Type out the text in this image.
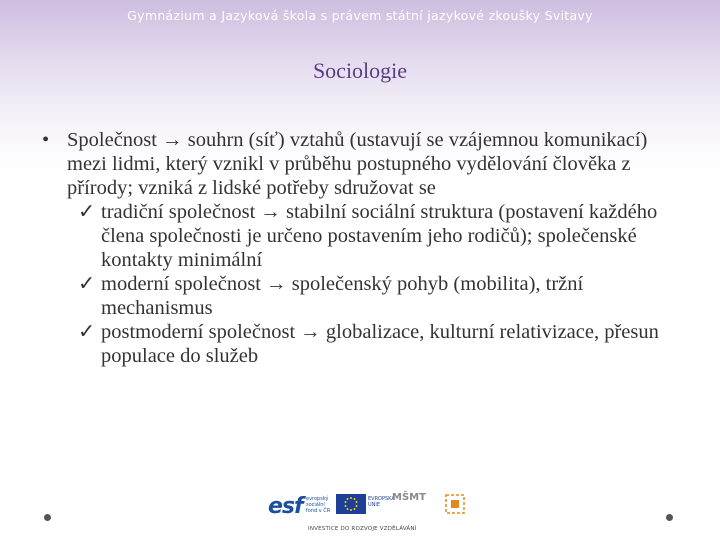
Gymnázium a Jazyková škola s právem státní jazykové zkoušky Svitavy
Sociologie
• Společnost → souhrn (síť) vztahů (ustavují se vzájemnou komunikací) mezi lidmi, který vznikl v průběhu postupného vydělování člověka z přírody; vzniká z lidské potřeby sdružovat se
✓ tradiční společnost → stabilní sociální struktura (postavení každého člena společnosti je určeno postavením jeho rodičů); společenské kontakty minimální
✓ moderní společnost → společenský pohyb (mobilita), tržní mechanismus
✓ postmoderní společnost → globalizace, kulturní relativizace, přesun populace do služeb
esf evropský sociální fond v ČR
EVROPSKÁ UNIE
MŠMT
INVESTICE DO ROZVOJE VZDĚLÁVÁNÍ
